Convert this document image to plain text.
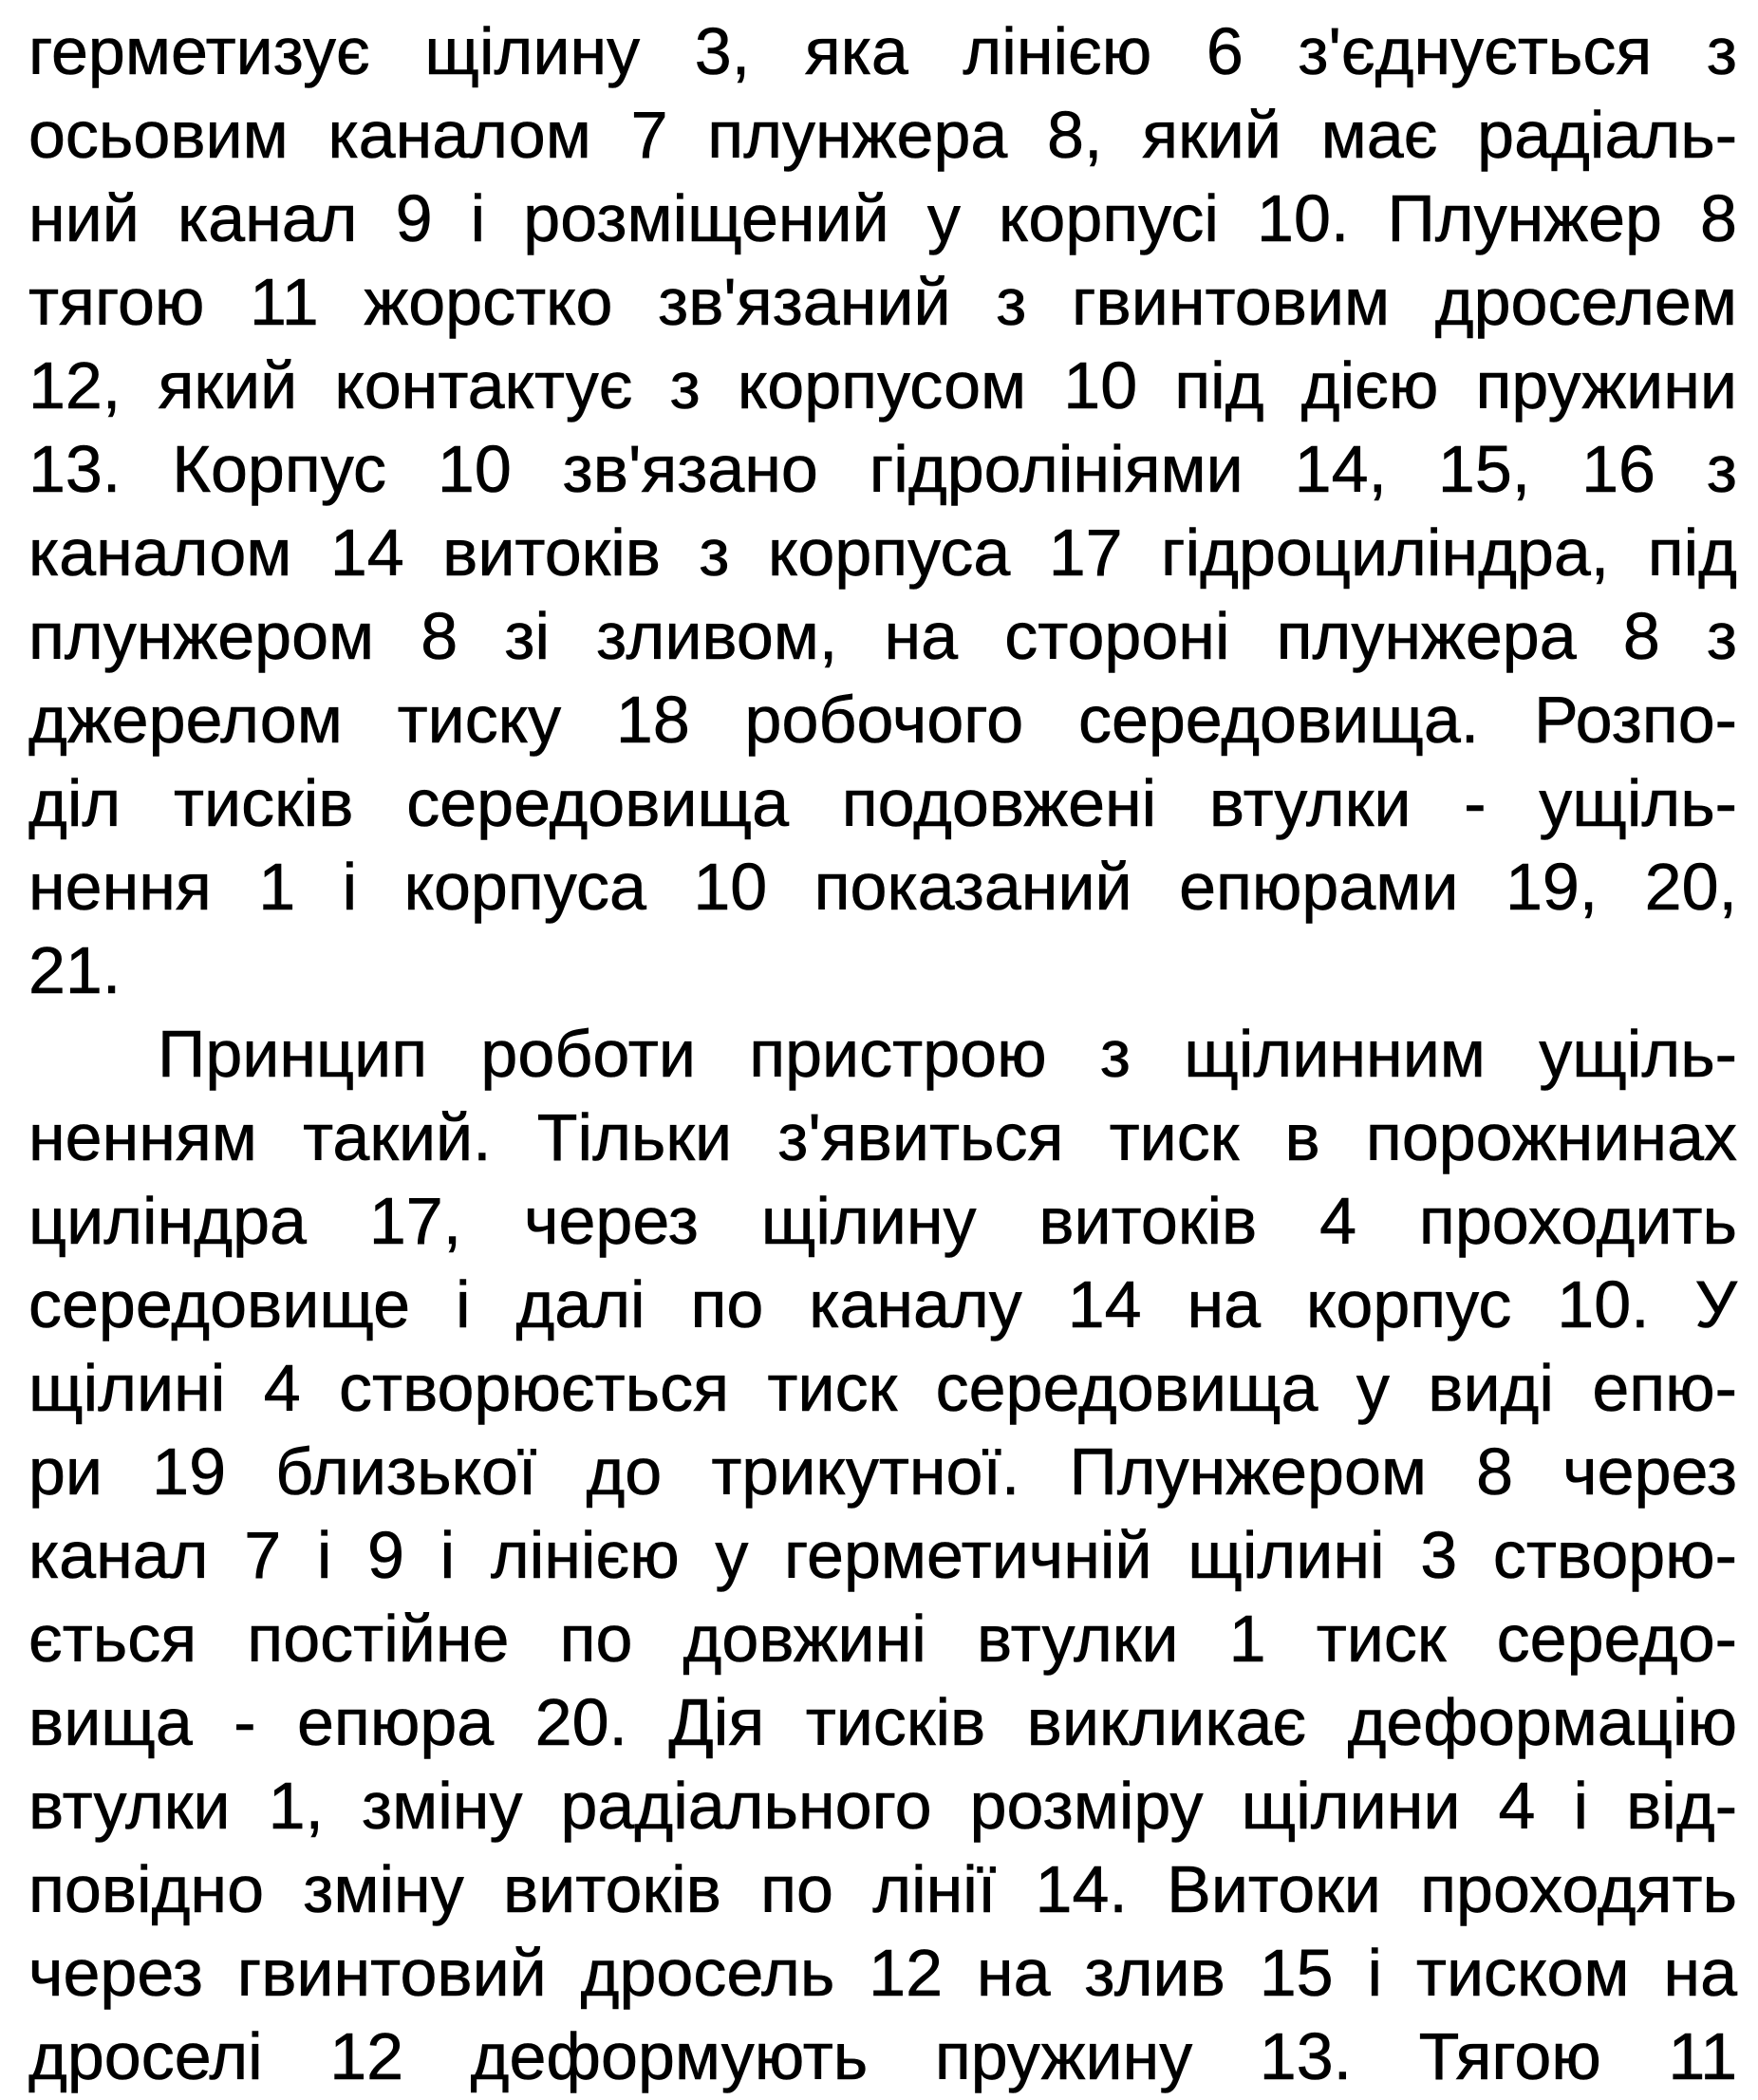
герметизує щілину 3, яка лінією 6 з'єднується з
осьовим каналом 7 плунжера 8, який має радіаль-
ний канал 9 і розміщений у корпусі 10. Плунжер 8
тягою 11 жорстко зв'язаний з гвинтовим дроселем
12, який контактує з корпусом 10 під дією пружини
13. Корпус 10 зв'язано гідролініями 14, 15, 16 з
каналом 14 витоків з корпуса 17 гідроциліндра, під
плунжером 8 зі зливом, на стороні плунжера 8 з
джерелом тиску 18 робочого середовища. Розпо-
діл тисків середовища подовжені втулки - ущіль-
нення 1 і корпуса 10 показаний епюрами 19, 20,
21.
Принцип роботи пристрою з щілинним ущіль-
ненням такий. Тільки з'явиться тиск в порожнинах
циліндра 17, через щілину витоків 4 проходить
середовище і далі по каналу 14 на корпус 10. У
щілині 4 створюється тиск середовища у виді епю-
ри 19 близької до трикутної. Плунжером 8 через
канал 7 і 9 і лінією у герметичній щілині 3 створю-
ється постійне по довжині втулки 1 тиск середо-
вища - епюра 20. Дія тисків викликає деформацію
втулки 1, зміну радіального розміру щілини 4 і від-
повідно зміну витоків по лінії 14. Витоки проходять
через гвинтовий дросель 12 на злив 15 і тиском на
дроселі 12 деформують пружину 13. Тягою 11
